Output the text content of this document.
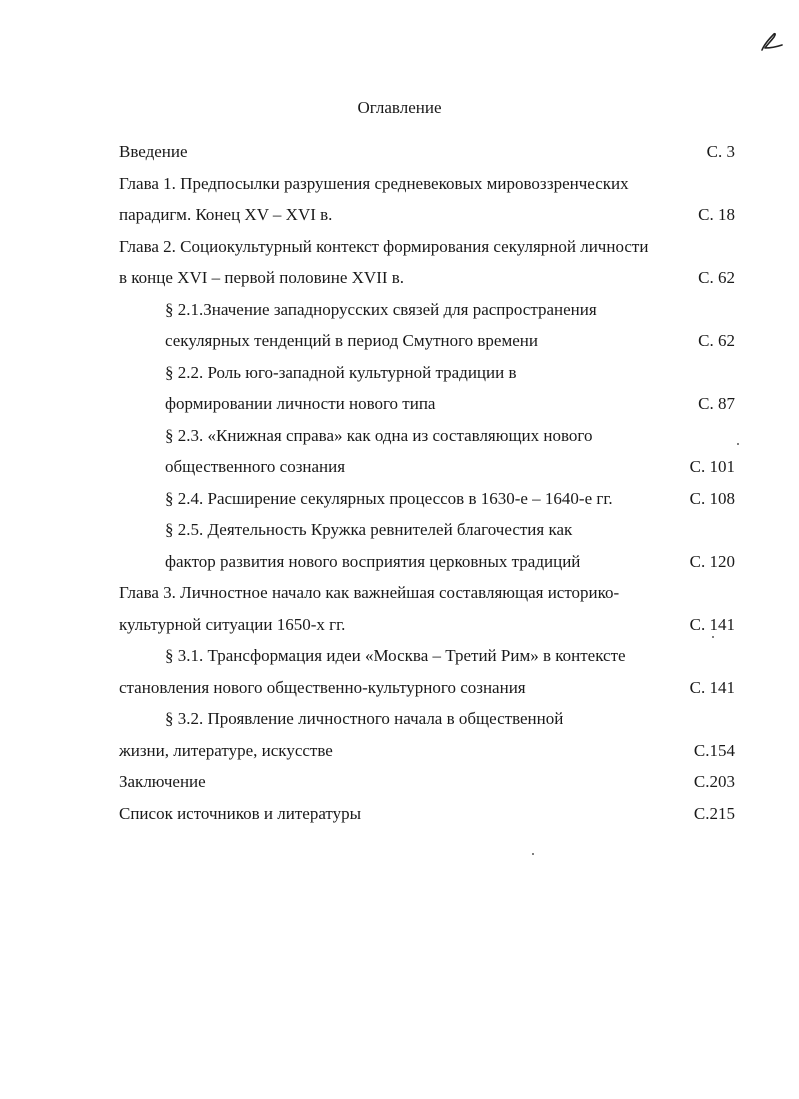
Оглавление
Введение	С. 3
Глава 1. Предпосылки разрушения средневековых мировоззренческих
парадигм. Конец XV – XVI в.	С. 18
Глава 2. Социокультурный контекст формирования секулярной личности
в конце XVI – первой половине XVII в.	С. 62
§ 2.1.Значение западнорусских связей для распространения
секулярных тенденций в период Смутного времени	С. 62
§ 2.2. Роль юго-западной культурной традиции в
формировании личности нового типа	С. 87
§ 2.3. «Книжная справа» как одна из составляющих нового
общественного сознания	С. 101
§ 2.4. Расширение секулярных процессов в 1630-е – 1640-е гг.	С. 108
§ 2.5. Деятельность Кружка ревнителей благочестия как
фактор развития нового восприятия церковных традиций	С. 120
Глава 3. Личностное начало как важнейшая составляющая историко-
культурной ситуации 1650-х гг.	С. 141
§ 3.1. Трансформация идеи «Москва – Третий Рим» в контексте
становления нового общественно-культурного сознания	С. 141
§ 3.2. Проявление личностного начала в общественной
жизни, литературе, искусстве	С.154
Заключение	С.203
Список источников и литературы	С.215
